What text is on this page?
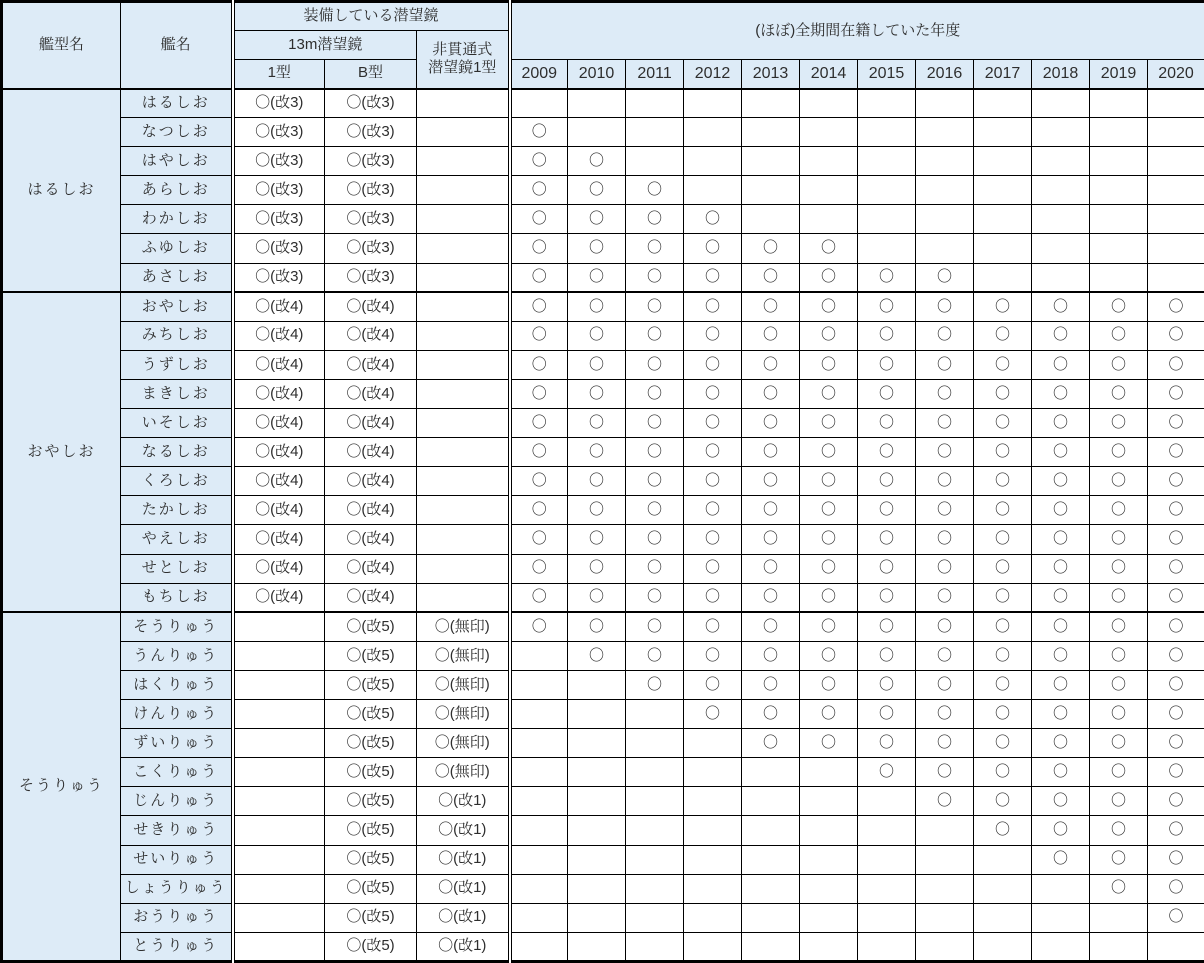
艦型名	艦名	装備している潜望鏡			(ほぼ)全期間在籍していた年度											
		13m潜望鏡		非貫通式
潜望鏡1型												

		1型	B型		2009	2010	2011	2012	2013	2014	2015	2016	2017	2018	2019	2020
はるしお	はるしお	〇(改3)	〇(改3)													
	なつしお	〇(改3)	〇(改3)		〇											
	はやしお	〇(改3)	〇(改3)		〇	〇										
	あらしお	〇(改3)	〇(改3)		〇	〇	〇									
	わかしお	〇(改3)	〇(改3)		〇	〇	〇	〇								
	ふゆしお	〇(改3)	〇(改3)		〇	〇	〇	〇	〇	〇						
	あさしお	〇(改3)	〇(改3)		〇	〇	〇	〇	〇	〇	〇	〇				
おやしお	おやしお	〇(改4)	〇(改4)		〇	〇	〇	〇	〇	〇	〇	〇	〇	〇	〇	〇
	みちしお	〇(改4)	〇(改4)		〇	〇	〇	〇	〇	〇	〇	〇	〇	〇	〇	〇
	うずしお	〇(改4)	〇(改4)		〇	〇	〇	〇	〇	〇	〇	〇	〇	〇	〇	〇
	まきしお	〇(改4)	〇(改4)		〇	〇	〇	〇	〇	〇	〇	〇	〇	〇	〇	〇
	いそしお	〇(改4)	〇(改4)		〇	〇	〇	〇	〇	〇	〇	〇	〇	〇	〇	〇
	なるしお	〇(改4)	〇(改4)		〇	〇	〇	〇	〇	〇	〇	〇	〇	〇	〇	〇
	くろしお	〇(改4)	〇(改4)		〇	〇	〇	〇	〇	〇	〇	〇	〇	〇	〇	〇
	たかしお	〇(改4)	〇(改4)		〇	〇	〇	〇	〇	〇	〇	〇	〇	〇	〇	〇
	やえしお	〇(改4)	〇(改4)		〇	〇	〇	〇	〇	〇	〇	〇	〇	〇	〇	〇
	せとしお	〇(改4)	〇(改4)		〇	〇	〇	〇	〇	〇	〇	〇	〇	〇	〇	〇
	もちしお	〇(改4)	〇(改4)		〇	〇	〇	〇	〇	〇	〇	〇	〇	〇	〇	〇
そうりゅう	そうりゅう		〇(改5)	〇(無印)	〇	〇	〇	〇	〇	〇	〇	〇	〇	〇	〇	〇
	うんりゅう		〇(改5)	〇(無印)		〇	〇	〇	〇	〇	〇	〇	〇	〇	〇	〇
	はくりゅう		〇(改5)	〇(無印)			〇	〇	〇	〇	〇	〇	〇	〇	〇	〇
	けんりゅう		〇(改5)	〇(無印)				〇	〇	〇	〇	〇	〇	〇	〇	〇
	ずいりゅう		〇(改5)	〇(無印)					〇	〇	〇	〇	〇	〇	〇	〇
	こくりゅう		〇(改5)	〇(無印)							〇	〇	〇	〇	〇	〇
	じんりゅう		〇(改5)	〇(改1)								〇	〇	〇	〇	〇
	せきりゅう		〇(改5)	〇(改1)									〇	〇	〇	〇
	せいりゅう		〇(改5)	〇(改1)										〇	〇	〇
	しょうりゅう		〇(改5)	〇(改1)											〇	〇
	おうりゅう		〇(改5)	〇(改1)												〇
	とうりゅう		〇(改5)	〇(改1)												
